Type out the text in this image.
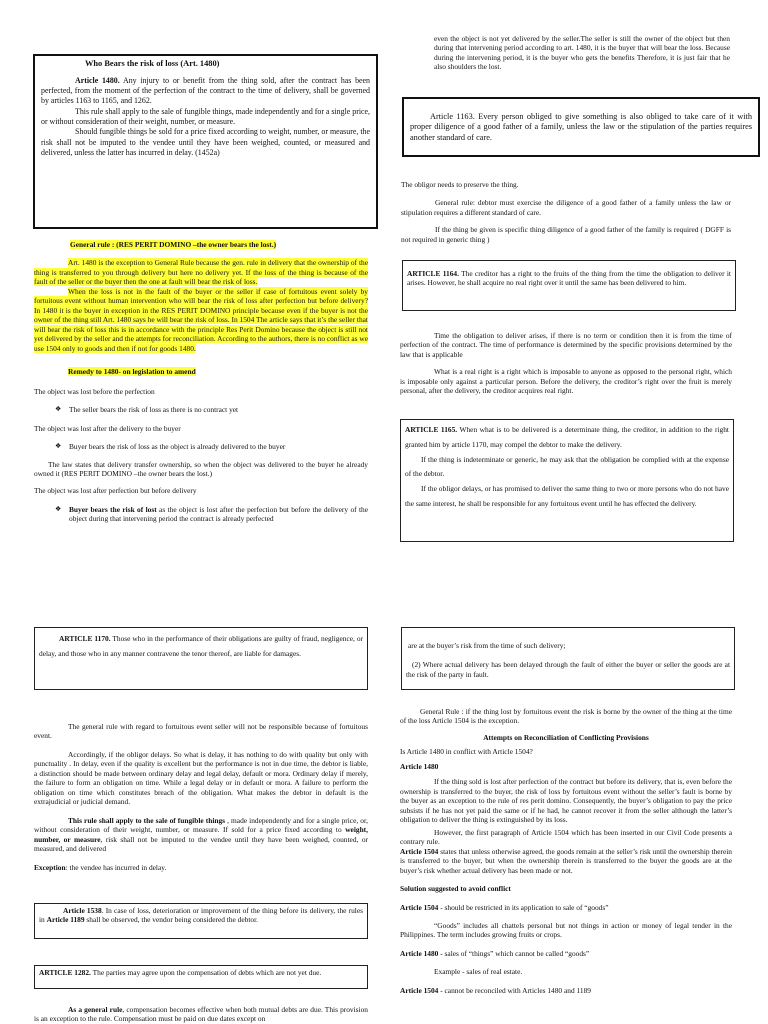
Who Bears the risk of loss (Art. 1480)

Article 1480. Any injury to or benefit from the thing sold, after the contract has been perfected, from the moment of the perfection of the contract to the time of delivery, shall be governed by articles 1163 to 1165, and 1262.

This rule shall apply to the sale of fungible things, made independently and for a single price, or without consideration of their weight, number, or measure.

Should fungible things be sold for a price fixed according to weight, number, or measure, the risk shall not be imputed to the vendee until they have been weighed, counted, or measured and delivered, unless the latter has incurred in delay. (1452a)

General rule : (RES PERIT DOMINO –the owner bears the lost.)

Art. 1480 is the exception to General Rule because the gen. rule in delivery that the ownership of the thing is transferred to you through delivery but here no delivery yet. If the loss of the thing is because of the fault of the seller or the buyer then the one at fault will bear the risk of loss.

When the loss is not in the fault of the buyer or the seller if case of fortuitous event solely by fortuitous event without human intervention who will bear the risk of loss after perfection but before delivery? In 1480 it is the buyer in exception in the RES PERIT DOMINO principle because even if the buyer is not the owner of the thing still Art. 1480 says he will bear the risk of loss. In 1504 The article says that it’s the seller that will bear the risk of loss this is in accordance with the principle Res Perit Domino because the object is still not yet delivered by the seller and the attempts for reconciliation. According to the authors, there is no conflict as we use 1504 only to goods and then if not for goods 1480.

Remedy to 1480- on legislation to amend

The object was lost before the perfection

❖ The seller bears the risk of loss as there is no contract yet

The object was lost after the delivery to the buyer

❖ Buyer bears the risk of loss as the object is already delivered to the buyer

The law states that delivery transfer ownership, so when the object was delivered to the buyer he already owned it (RES PERIT DOMINO –the owner bears the lost.)

The object was lost after perfection but before delivery

❖ Buyer bears the risk of lost as the object is lost after the perfection but before the delivery of the object during that intervening period the contract is already perfected

even the object is not yet delivered by the seller.The seller is still the owner of the object but then during that intervening period according to art. 1480, it is the buyer that will bear the loss. Because during the intervening period, it is the buyer who gets the benefits Therefore, it is just fair that he also shoulders the lost.

Article 1163. Every person obliged to give something is also obliged to take care of it with proper diligence of a good father of a family, unless the law or the stipulation of the parties requires another standard of care.

The obligor needs to preserve the thing.

General rule: debtor must exercise the diligence of a good father of a family unless the law or stipulation requires a different standard of care.

If the thing be given is specific thing diligence of a good father of the family is required ( DGFF is not required in generic thing )

ARTICLE 1164. The creditor has a right to the fruits of the thing from the time the obligation to deliver it arises. However, he shall acquire no real right over it until the same has been delivered to him.

Time the obligation to deliver arises, if there is no term or condition then it is from the time of perfection of the contract. The time of performance is determined by the specific provisions determined by the law that is applicable

What is a real right is a right which is imposable to anyone as opposed to the personal right, which is imposable only against a particular person. Before the delivery, the creditor’s right over the fruit is merely personal, after the delivery, the creditor acquires real right.

ARTICLE 1165. When what is to be delivered is a determinate thing, the creditor, in addition to the right granted him by article 1170, may compel the debtor to make the delivery.

If the thing is indeterminate or generic, he may ask that the obligation be complied with at the expense of the debtor.

If the obligor delays, or has promised to deliver the same thing to two or more persons who do not have the same interest, he shall be responsible for any fortuitous event until he has effected the delivery.

ARTICLE 1170. Those who in the performance of their obligations are guilty of fraud, negligence, or delay, and those who in any manner contravene the tenor thereof, are liable for damages.

The general rule with regard to fortuitous event seller will not be responsible because of fortuitous event.

Accordingly, if the obligor delays. So what is delay, it has nothing to do with quality but only with punctuality . In delay, even if the quality is excellent but the performance is not in due time, the debtor is liable, a distinction should be made between ordinary delay and legal delay, default or mora. Ordinary delay if merely, the failure to form an obligation on time. While a legal delay or in default or mora. A failure to perform the obligation on time which constitutes breach of the obligation. What makes the debtor in default is the extrajudicial or judicial demand.

This rule shall apply to the sale of fungible things , made independently and for a single price, or, without consideration of their weight, number, or measure. If sold for a price fixed according to weight, number, or measure, risk shall not be imputed to the vendee until they have been weighed, counted, or measured, and delivered

Exception: the vendee has incurred in delay.

Article 1538. In case of loss, deterioration or improvement of the thing before its delivery, the rules in Article 1189 shall be observed, the vendor being considered the debtor.

ARTICLE 1282. The parties may agree upon the compensation of debts which are not yet due.

As a general rule, compensation becomes effective when both mutual debts are due. This provision is an exception to the rule. Compensation must be paid on due dates except on

are at the buyer’s risk from the time of such delivery;

(2) Where actual delivery has been delayed through the fault of either the buyer or seller the goods are at the risk of the party in fault.

General Rule : if the thing lost by fortuitous event the risk is borne by the owner of the thing at the time of the loss Article 1504 is the exception.

Attempts on Reconciliation of Conflicting Provisions

Is Article 1480 in conflict with Article 1504?

Article 1480

If the thing sold is lost after perfection of the contract but before its delivery, that is, even before the ownership is transferred to the buyer, the risk of loss by fortuitous event without the seller’s fault is borne by the buyer as an exception to the rule of res perit domino. Consequently, the buyer’s obligation to pay the price subsists if he has not yet paid the same or if he had, he cannot recover it from the seller although the latter’s obligation to deliver the thing is extinguished by its loss.

However, the first paragraph of Article 1504 which has been inserted in our Civil Code presents a contrary rule.

Article 1504 states that unless otherwise agreed, the goods remain at the seller’s risk until the ownership therein is transferred to the buyer, but when the ownership therein is transferred to the buyer the goods are at the buyer’s risk whether actual delivery has been made or not.

Solution suggested to avoid conflict

Article 1504 - should be restricted in its application to sale of “goods”

“Goods” includes all chattels personal but not things in action or money of legal tender in the Philippines. The term includes growing fruits or crops.

Article 1480 - sales of “things” which cannot be called “goods”

Example - sales of real estate.

Article 1504 - cannot be reconciled with Articles 1480 and 1189
